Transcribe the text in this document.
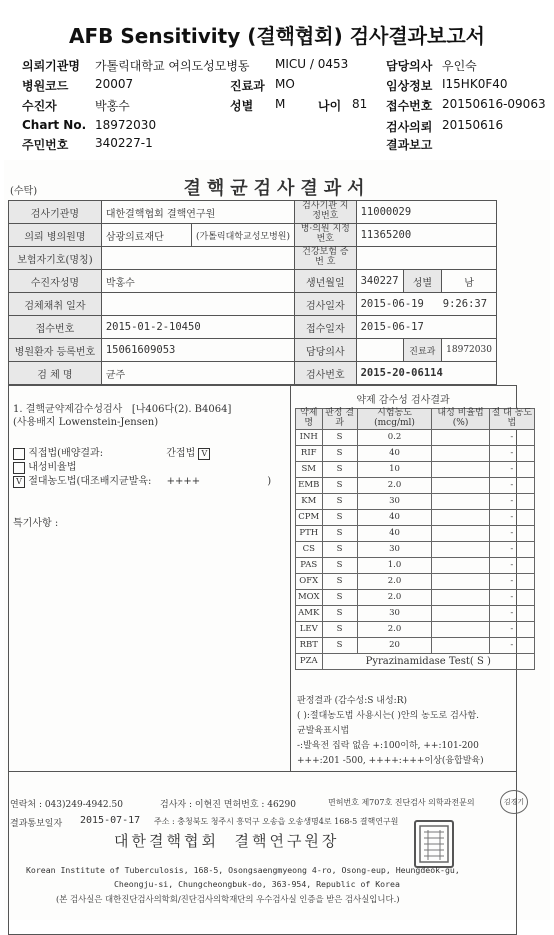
AFB Sensitivity (결핵협회) 검사결과보고서
의뢰기관명 가톨릭대학교 여의도성모병동 MICU / 0453	담당의사 우인숙
병원코드 20007	진료과 MO	임상정보 I15HK0F40
수진자	박홍수	성별 M	나이 81 접수번호 20150616-09063
Chart No. 18972030	검사의뢰 20150616
주민번호 340227-1	결과보고
(수탁)	결핵균검사결과서
검사기관명	대한결핵협회 결핵연구원		검사기관 지정번호	11000029		
의뢰 병의원명	삼광의료재단	(가톨릭대학교성모병원)	병·의원 지정번호	11365200		
보험자기호(명칭)			건강보험 증 번 호			
수진자성명	박홍수		생년월일	340227	성별	남
검체채취 일자			검사일자	2015-06-19   9:26:37		
접수번호	2015-01-2-10450		접수일자	2015-06-17		
병원환자 등록번호	15061609053		담당의사		진료과	18972030
검 체 명	균주		검사번호	2015-20-06114		
1. 결핵균약제감수성검사   [나406다(2). B4064]
(사용배지 Lowenstein-Jensen)
직접법(배양결과:	간접법 V
내성비율법
V 절대농도법(대조배지균발육: ++++	)
특기사항 :
약제 감수성 검사결과
약제명	판정 결과	시험농도 (mcg/ml)	내성 비율법(%)	절 대 농도법
INH	S	0.2		-
RIF	S	40		-
SM	S	10		-
EMB	S	2.0		-
KM	S	30		-
CPM	S	40		-
PTH	S	40		-
CS	S	30		-
PAS	S	1.0		-
OFX	S	2.0		-
MOX	S	2.0		-
AMK	S	30		-
LEV	S	2.0		-
RBT	S	20		-
PZA	Pyrazinamidase Test( S )			
판정결과 (감수성:S 내성:R)
( ):절대농도법 사용시는( )안의 농도로 검사함.
균발육표시법
-:발육전 집락 없음 +:100이하, ++:101-200
+++:201 -500, ++++:+++이상(융합발육)
연락처 : 043)249-4942.50	검사자 : 이현진 면허번호 : 46290	면허번호 제707호 진단검사 의학과전문의	김경기
결과통보일자 2015-07-17 주소 : 충청북도 청주시 흥덕구 오송읍 오송생명4로 168-5 결핵연구원
대한결핵협회  결핵연구원장
Korean Institute of Tuberculosis, 168-5, Osongsaengmyeong 4-ro, Osong-eup, Heungdeok-gu,
Cheongju-si, Chungcheongbuk-do, 363-954, Republic of Korea
(본 검사실은 대한진단검사의학회/진단검사의학재단의 우수검사실 인증을 받은 검사실입니다.)
